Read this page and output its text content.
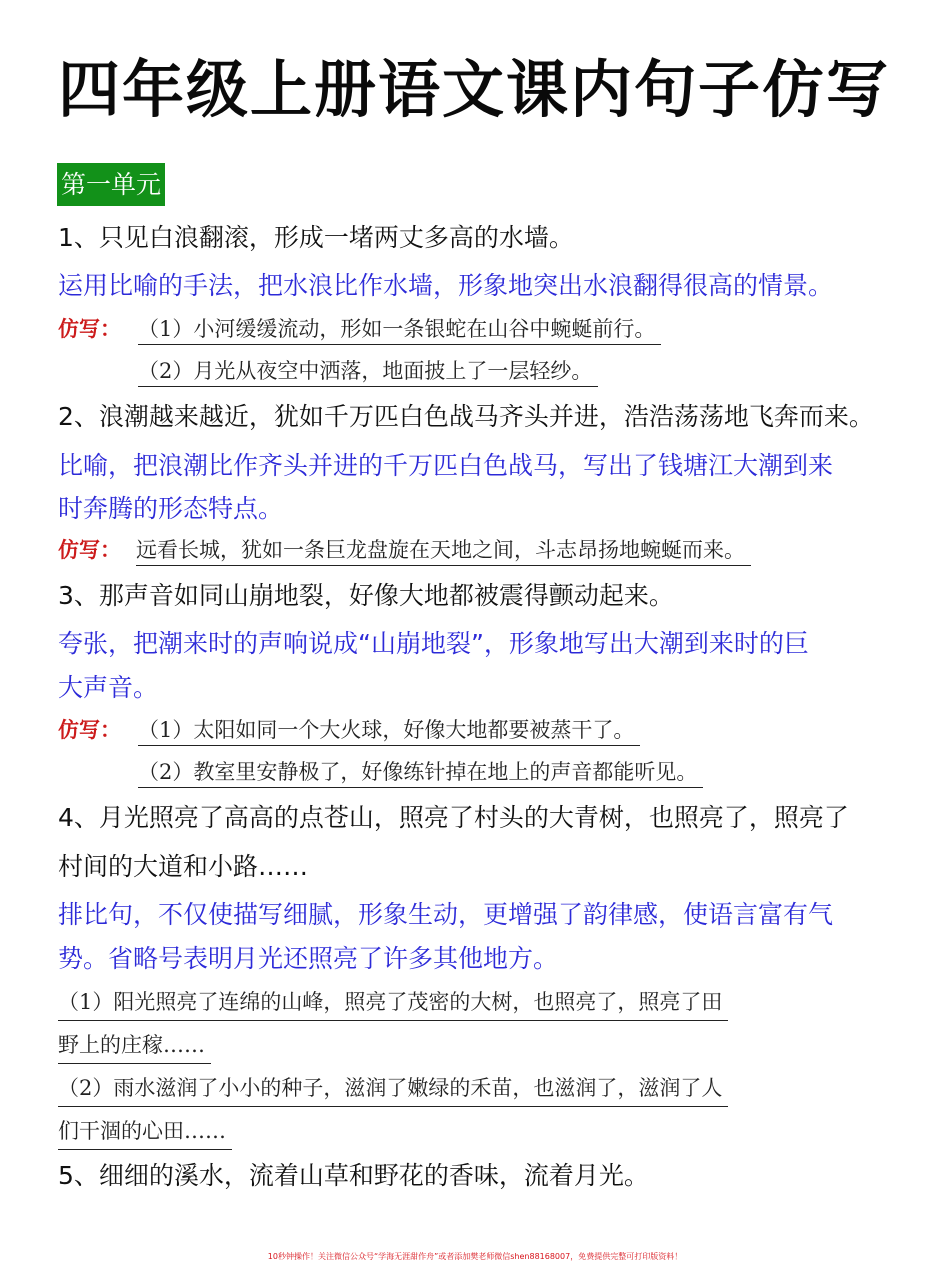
四年级上册语文课内句子仿写
第一单元
1、只见白浪翻滚，形成一堵两丈多高的水墙。
运用比喻的手法，把水浪比作水墙，形象地突出水浪翻得很高的情景。
仿写： （1）小河缓缓流动，形如一条银蛇在山谷中蜿蜒前行。
（2）月光从夜空中洒落，地面披上了一层轻纱。
2、浪潮越来越近，犹如千万匹白色战马齐头并进，浩浩荡荡地飞奔而来。
比喻，把浪潮比作齐头并进的千万匹白色战马，写出了钱塘江大潮到来
时奔腾的形态特点。
仿写： 远看长城，犹如一条巨龙盘旋在天地之间，斗志昂扬地蜿蜒而来。
3、那声音如同山崩地裂，好像大地都被震得颤动起来。
夸张，把潮来时的声响说成“山崩地裂”，形象地写出大潮到来时的巨
大声音。
仿写： （1）太阳如同一个大火球，好像大地都要被蒸干了。
（2）教室里安静极了，好像练针掉在地上的声音都能听见。
4、月光照亮了高高的点苍山，照亮了村头的大青树，也照亮了，照亮了
村间的大道和小路……
排比句，不仅使描写细腻，形象生动，更增强了韵律感，使语言富有气
势。省略号表明月光还照亮了许多其他地方。
（1）阳光照亮了连绵的山峰，照亮了茂密的大树，也照亮了，照亮了田
野上的庄稼……
（2）雨水滋润了小小的种子，滋润了嫩绿的禾苗，也滋润了，滋润了人
们干涸的心田……
5、细细的溪水，流着山草和野花的香味，流着月光。
10秒钟操作！关注微信公众号“学海无涯甜作舟”或者添加樊老师微信shen88168007，免费提供完整可打印版资料！
